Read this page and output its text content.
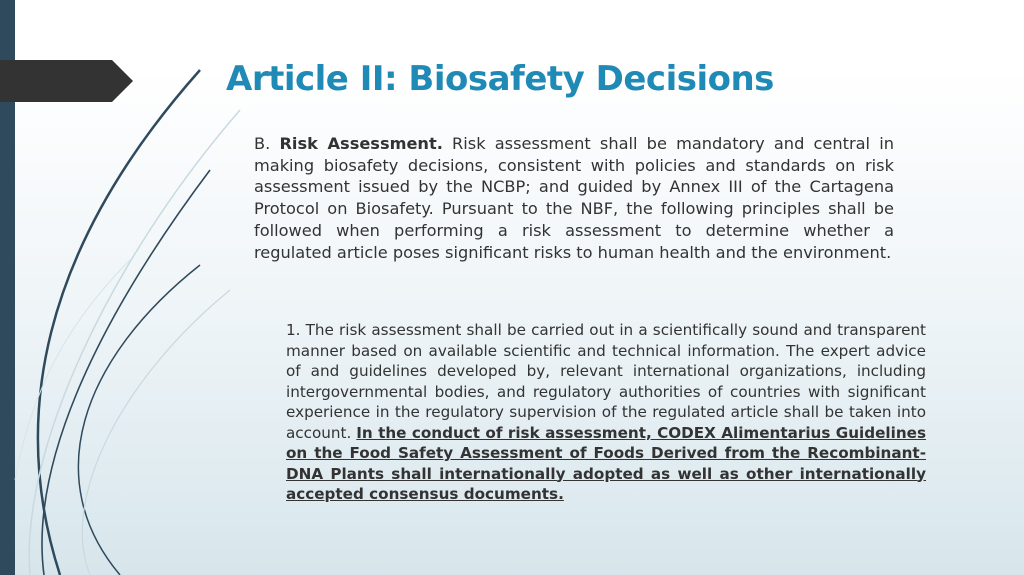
Article II: Biosafety Decisions

B. Risk Assessment. Risk assessment shall be mandatory and central in making biosafety decisions, consistent with policies and standards on risk assessment issued by the NCBP; and guided by Annex III of the Cartagena Protocol on Biosafety. Pursuant to the NBF, the following principles shall be followed when performing a risk assessment to determine whether a regulated article poses significant risks to human health and the environment.

1. The risk assessment shall be carried out in a scientifically sound and transparent manner based on available scientific and technical information. The expert advice of and guidelines developed by, relevant international organizations, including intergovernmental bodies, and regulatory authorities of countries with significant experience in the regulatory supervision of the regulated article shall be taken into account. In the conduct of risk assessment, CODEX Alimentarius Guidelines on the Food Safety Assessment of Foods Derived from the Recombinant-DNA Plants shall internationally adopted as well as other internationally accepted consensus documents.
